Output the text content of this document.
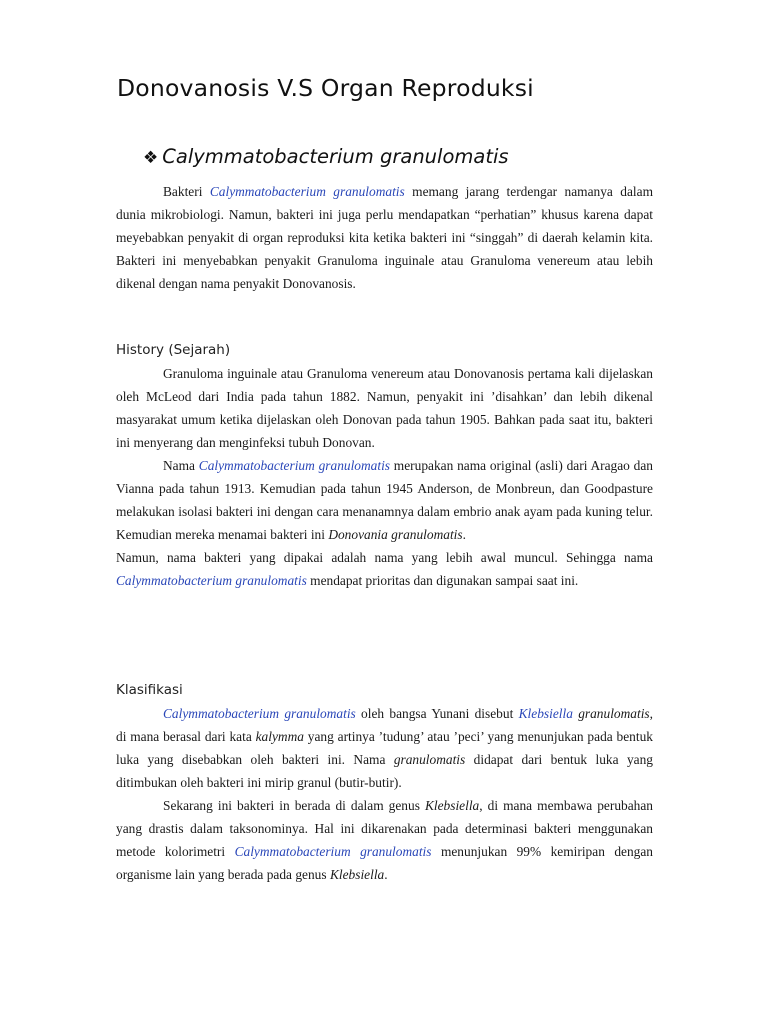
Donovanosis V.S Organ Reproduksi
❖ Calymmatobacterium granulomatis

Bakteri Calymmatobacterium granulomatis memang jarang terdengar namanya dalam dunia mikrobiologi. Namun, bakteri ini juga perlu mendapatkan “perhatian” khusus karena dapat meyebabkan penyakit di organ reproduksi kita ketika bakteri ini “singgah” di daerah kelamin kita. Bakteri ini menyebabkan penyakit Granuloma inguinale atau Granuloma venereum atau lebih dikenal dengan nama penyakit Donovanosis.

History (Sejarah)

Granuloma inguinale atau Granuloma venereum atau Donovanosis pertama kali dijelaskan oleh McLeod dari India pada tahun 1882. Namun, penyakit ini ’disahkan’ dan lebih dikenal masyarakat umum ketika dijelaskan oleh Donovan pada tahun 1905. Bahkan pada saat itu, bakteri ini menyerang dan menginfeksi tubuh Donovan.

Nama Calymmatobacterium granulomatis merupakan nama original (asli) dari Aragao dan Vianna pada tahun 1913. Kemudian pada tahun 1945 Anderson, de Monbreun, dan Goodpasture melakukan isolasi bakteri ini dengan cara menanamnya dalam embrio anak ayam pada kuning telur. Kemudian mereka menamai bakteri ini Donovania granulomatis.

Namun, nama bakteri yang dipakai adalah nama yang lebih awal muncul. Sehingga nama Calymmatobacterium granulomatis mendapat prioritas dan digunakan sampai saat ini.

Klasifikasi

Calymmatobacterium granulomatis oleh bangsa Yunani disebut Klebsiella granulomatis, di mana berasal dari kata kalymma yang artinya ’tudung’ atau ’peci’ yang menunjukan pada bentuk luka yang disebabkan oleh bakteri ini. Nama granulomatis didapat dari bentuk luka yang ditimbukan oleh bakteri ini mirip granul (butir-butir).

Sekarang ini bakteri in berada di dalam genus Klebsiella, di mana membawa perubahan yang drastis dalam taksonominya. Hal ini dikarenakan pada determinasi bakteri menggunakan metode kolorimetri Calymmatobacterium granulomatis menunjukan 99% kemiripan dengan organisme lain yang berada pada genus Klebsiella.
